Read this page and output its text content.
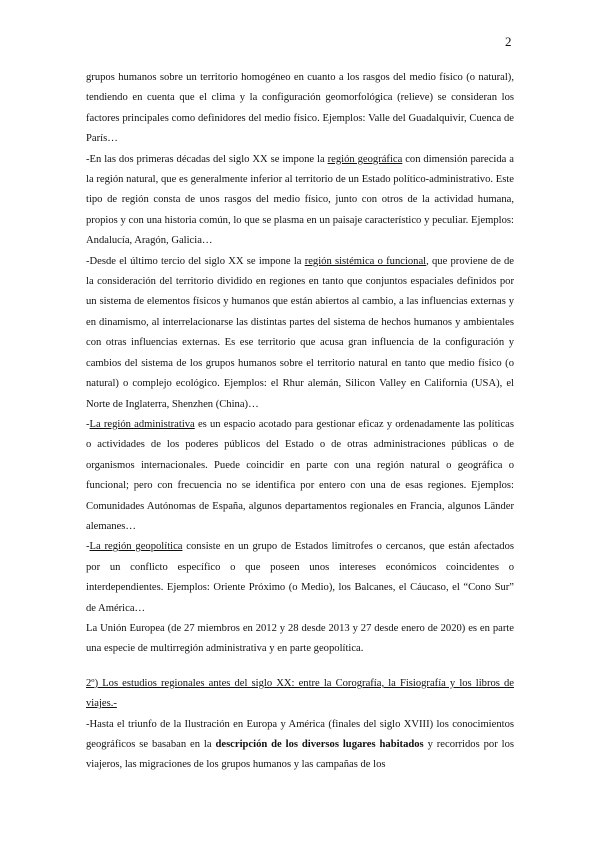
2

grupos humanos sobre un territorio homogéneo en cuanto a los rasgos del medio físico (o natural), tendiendo en cuenta que el clima y la configuración geomorfológica (relieve) se consideran los factores principales como definidores del medio físico. Ejemplos: Valle del Guadalquivir, Cuenca de París…

-En las dos primeras décadas del siglo XX se impone la región geográfica con dimensión parecida a la región natural, que es generalmente inferior al territorio de un Estado político-administrativo. Este tipo de región consta de unos rasgos del medio físico, junto con otros de la actividad humana, propios y con una historia común, lo que se plasma en un paisaje característico y peculiar. Ejemplos: Andalucía, Aragón, Galicia…

-Desde el último tercio del siglo XX se impone la región sistémica o funcional, que proviene de de la consideración del territorio dividido en regiones en tanto que conjuntos espaciales definidos por un sistema de elementos físicos y humanos que están abiertos al cambio, a las influencias externas y en dinamismo, al interrelacionarse las distintas partes del sistema de hechos humanos y ambientales con otras influencias externas. Es ese territorio que acusa gran influencia de la configuración y cambios del sistema de los grupos humanos sobre el territorio natural en tanto que medio físico (o natural) o complejo ecológico. Ejemplos: el Rhur alemán, Silicon Valley en California (USA), el Norte de Inglaterra, Shenzhen (China)…

-La región administrativa es un espacio acotado para gestionar eficaz y ordenadamente las políticas o actividades de los poderes públicos del Estado o de otras administraciones públicas o de organismos internacionales. Puede coincidir en parte con una región natural o geográfica o funcional; pero con frecuencia no se identifica por entero con una de esas regiones. Ejemplos: Comunidades Autónomas de España, algunos departamentos regionales en Francia, algunos Länder alemanes…

-La región geopolítica consiste en un grupo de Estados limítrofes o cercanos, que están afectados por un conflicto específico o que poseen unos intereses económicos coincidentes o interdependientes. Ejemplos: Oriente Próximo (o Medio), los Balcanes, el Cáucaso, el “Cono Sur” de América…

La Unión Europea (de 27 miembros en 2012 y 28 desde 2013 y 27 desde enero de 2020) es en parte una especie de multirregión administrativa y en parte geopolítica.

2º) Los estudios regionales antes del siglo XX: entre la Corografía, la Fisiografía y los libros de viajes.-

-Hasta el triunfo de la Ilustración en Europa y América (finales del siglo XVIII) los conocimientos geográficos se basaban en la descripción de los diversos lugares habitados y recorridos por los viajeros, las migraciones de los grupos humanos y las campañas de los
